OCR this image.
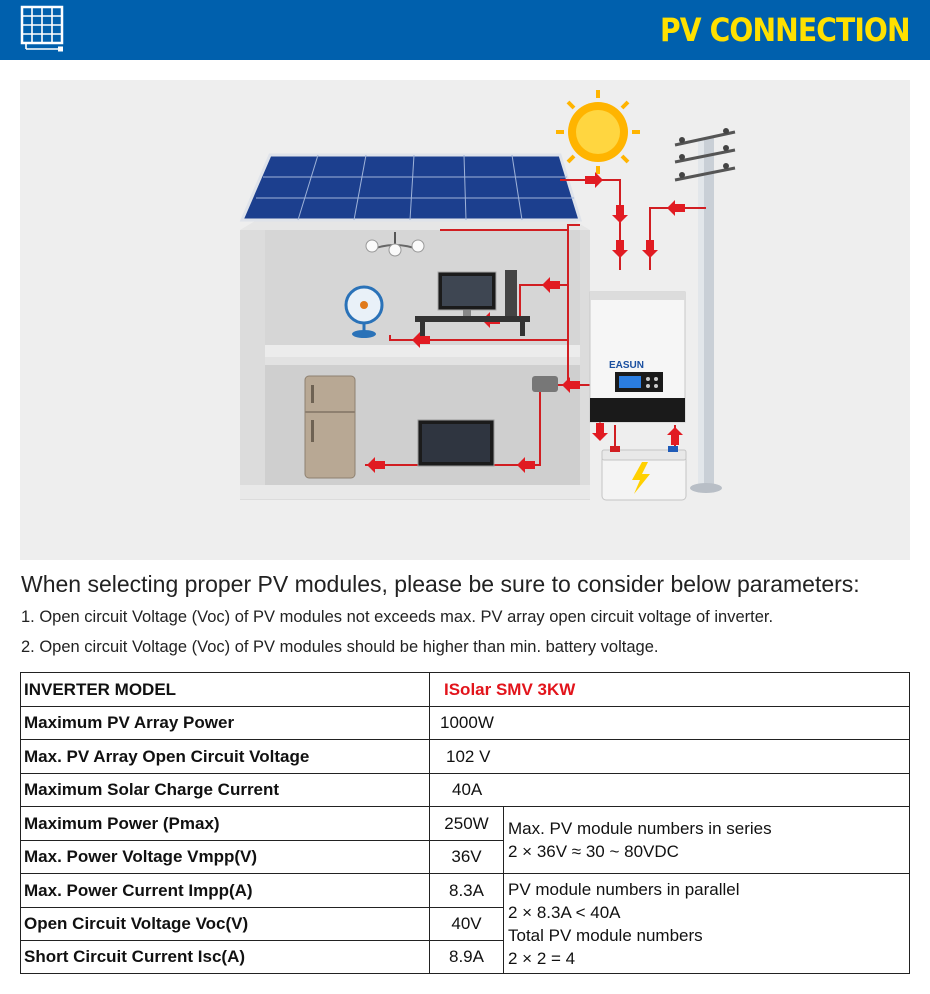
PV CONNECTION
EASUN
When selecting proper PV modules, please be sure to consider below parameters:
1. Open circuit Voltage (Voc) of PV modules not exceeds max. PV array open circuit voltage of inverter.
2. Open circuit Voltage (Voc) of PV modules should be higher than min. battery voltage.
INVERTER MODEL	ISolar SMV 3KW
Maximum PV Array Power	1000W
Max. PV Array Open Circuit Voltage	102 V
Maximum Solar Charge Current	40A
Maximum Power (Pmax)	250W
Max. Power Voltage Vmpp(V)	36V
Max. PV module numbers in series
2 × 36V ≈ 30 ~ 80VDC
Max. Power Current Impp(A)	8.3A
Open Circuit Voltage Voc(V)	40V
Short Circuit Current Isc(A)	8.9A
PV module numbers in parallel
2 × 8.3A < 40A
Total PV module numbers
2 × 2 = 4
